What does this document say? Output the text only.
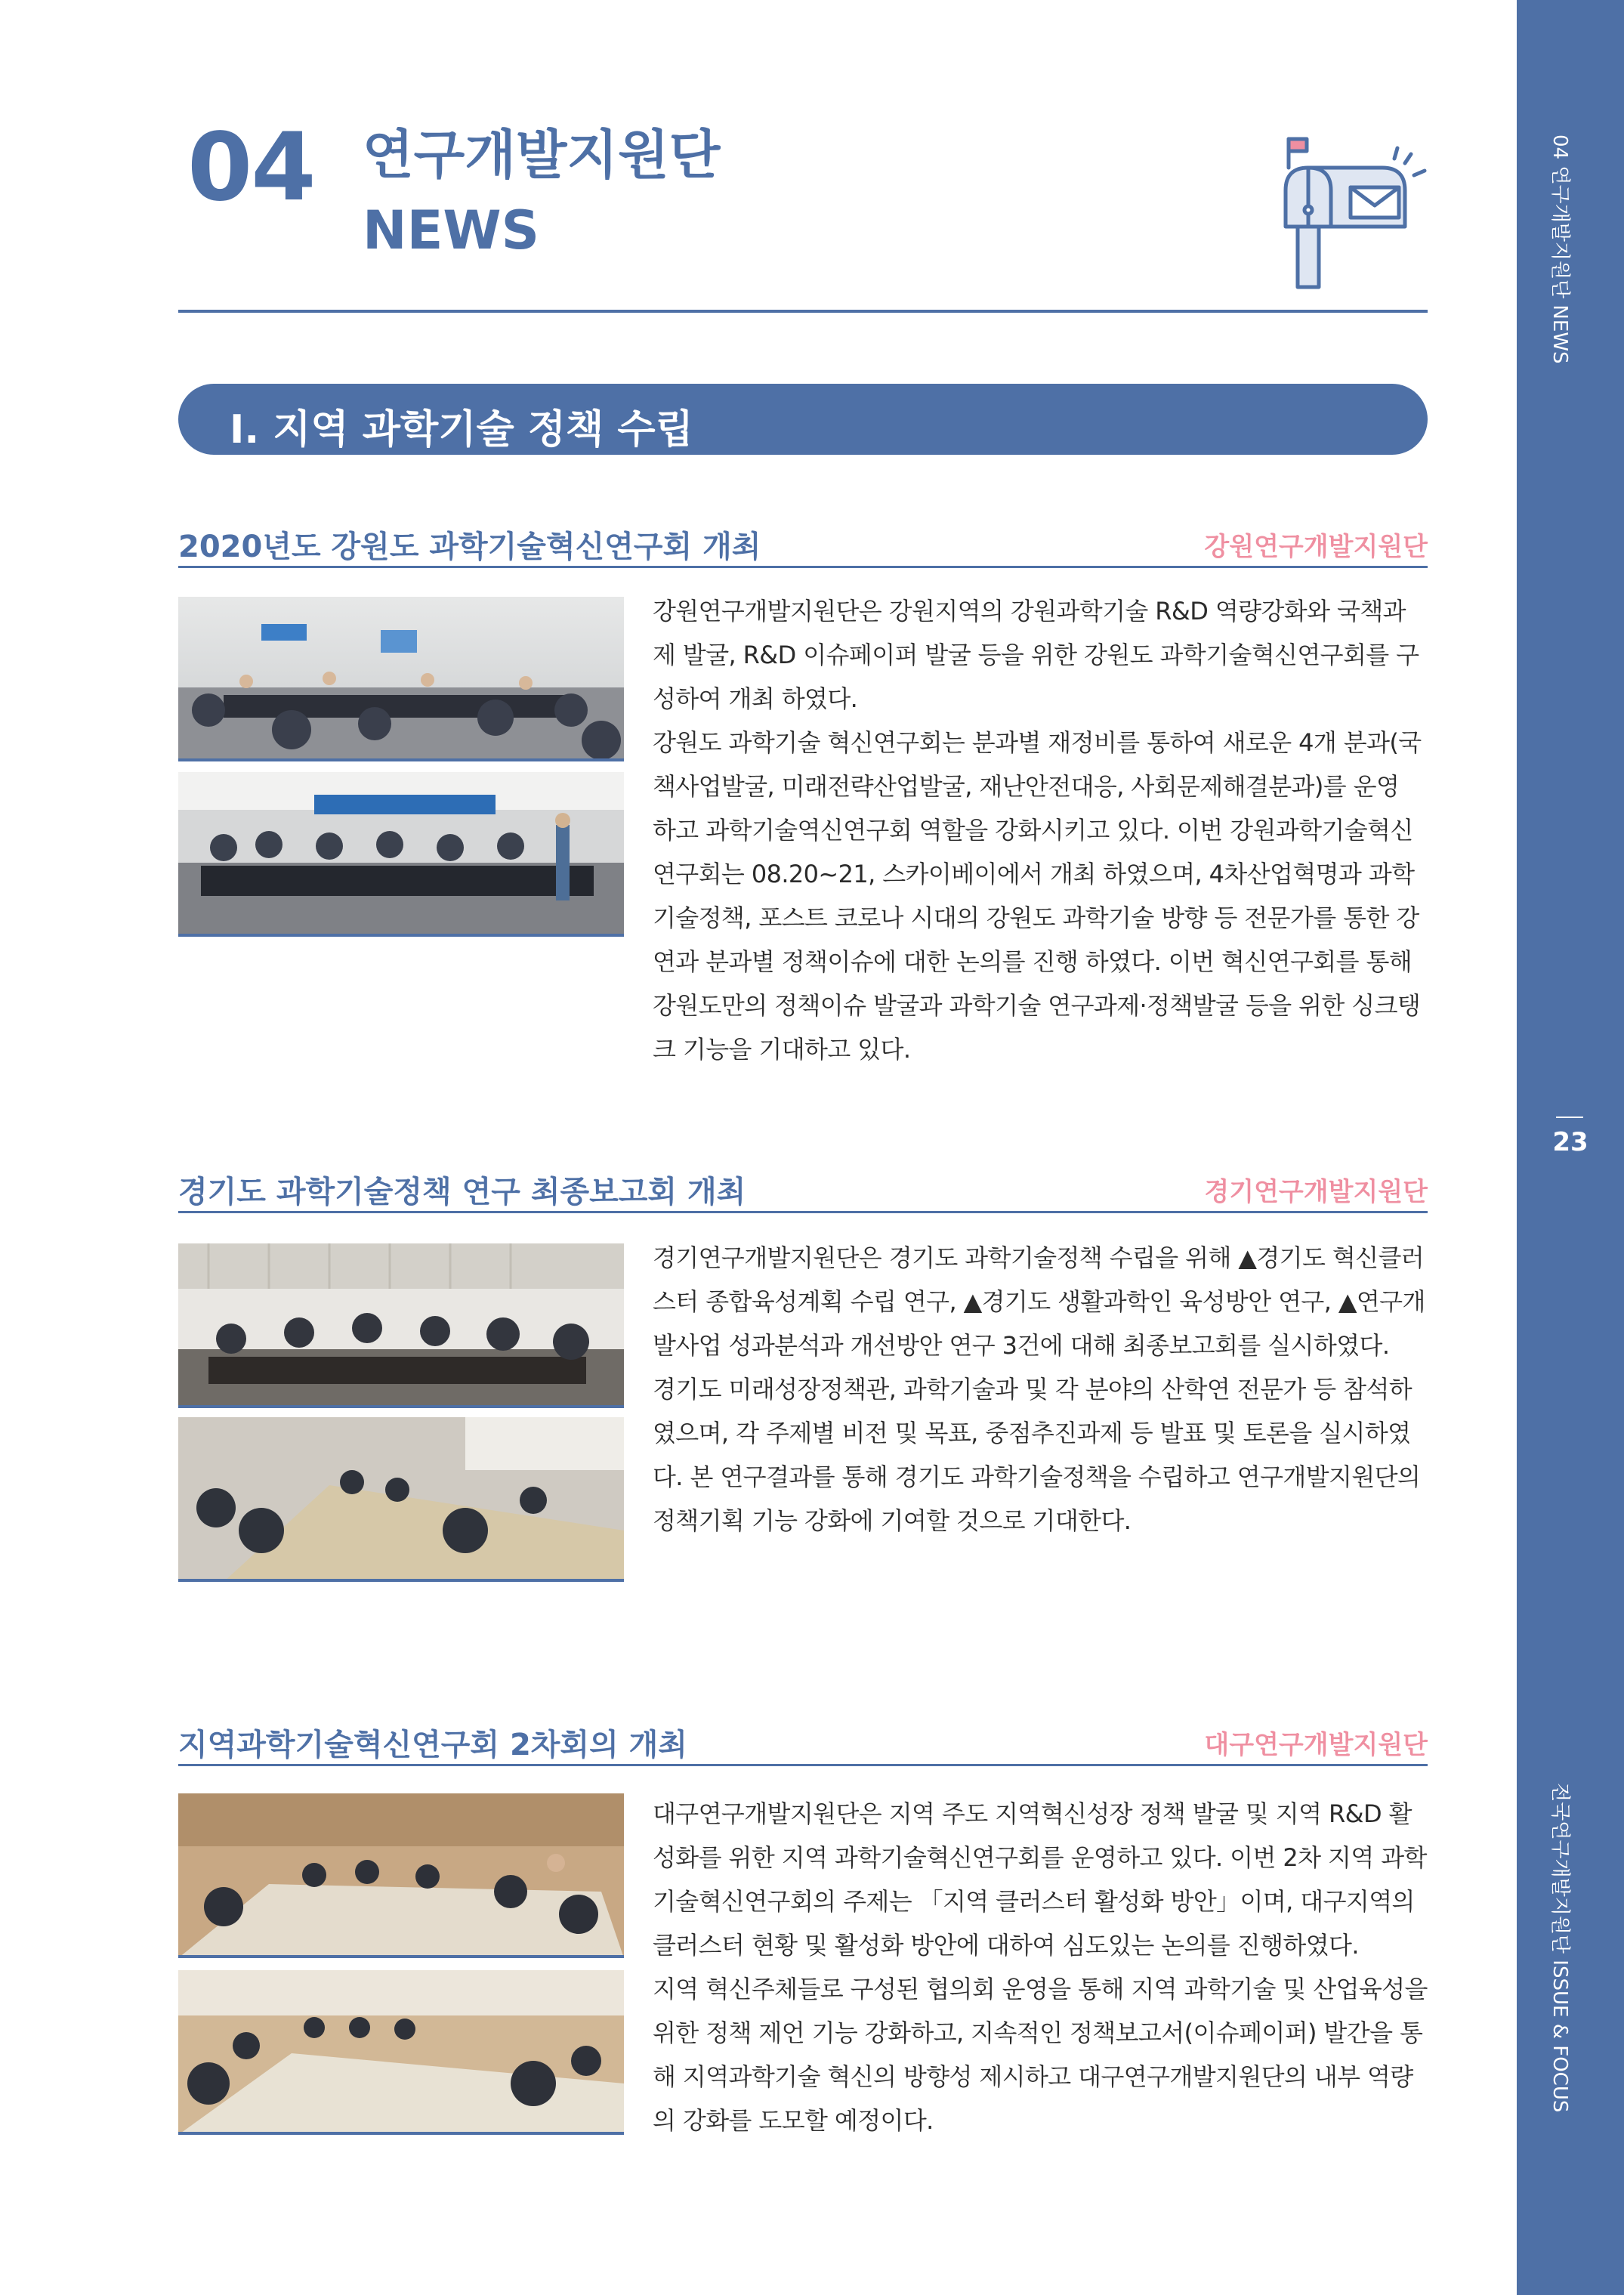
04 연구개발지원단 NEWS
23
전국연구개발지원단 ISSUE & FOCUS
04 연구개발지원단
NEWS
Ⅰ. 지역 과학기술 정책 수립
2020년도 강원도 과학기술혁신연구회 개최	강원연구개발지원단

강원연구개발지원단은 강원지역의 강원과학기술 R&D 역량강화와 국책과제 발굴, R&D 이슈페이퍼 발굴 등을 위한 강원도 과학기술혁신연구회를 구성하여 개최 하였다.

강원도 과학기술 혁신연구회는 분과별 재정비를 통하여 새로운 4개 분과(국책사업발굴, 미래전략산업발굴, 재난안전대응, 사회문제해결분과)를 운영 하고 과학기술역신연구회 역할을 강화시키고 있다. 이번 강원과학기술혁신연구회는 08.20~21, 스카이베이에서 개최 하였으며, 4차산업혁명과 과학기술정책, 포스트 코로나 시대의 강원도 과학기술 방향 등 전문가를 통한 강연과 분과별 정책이슈에 대한 논의를 진행 하였다. 이번 혁신연구회를 통해 강원도만의 정책이슈 발굴과 과학기술 연구과제·정책발굴 등을 위한 싱크탱크 기능을 기대하고 있다.

경기도 과학기술정책 연구 최종보고회 개최	경기연구개발지원단

경기연구개발지원단은 경기도 과학기술정책 수립을 위해 ▲경기도 혁신클러스터 종합육성계획 수립 연구, ▲경기도 생활과학인 육성방안 연구, ▲연구개발사업 성과분석과 개선방안 연구 3건에 대해 최종보고회를 실시하였다.

경기도 미래성장정책관, 과학기술과 및 각 분야의 산학연 전문가 등 참석하였으며, 각 주제별 비전 및 목표, 중점추진과제 등 발표 및 토론을 실시하였다. 본 연구결과를 통해 경기도 과학기술정책을 수립하고 연구개발지원단의 정책기획 기능 강화에 기여할 것으로 기대한다.

지역과학기술혁신연구회 2차회의 개최	대구연구개발지원단

대구연구개발지원단은 지역 주도 지역혁신성장 정책 발굴 및 지역 R&D 활성화를 위한 지역 과학기술혁신연구회를 운영하고 있다. 이번 2차 지역 과학기술혁신연구회의 주제는 「지역 클러스터 활성화 방안」이며, 대구지역의 클러스터 현황 및 활성화 방안에 대하여 심도있는 논의를 진행하였다.

지역 혁신주체들로 구성된 협의회 운영을 통해 지역 과학기술 및 산업육성을 위한 정책 제언 기능 강화하고, 지속적인 정책보고서(이슈페이퍼) 발간을 통해 지역과학기술 혁신의 방향성 제시하고 대구연구개발지원단의 내부 역량의 강화를 도모할 예정이다.
